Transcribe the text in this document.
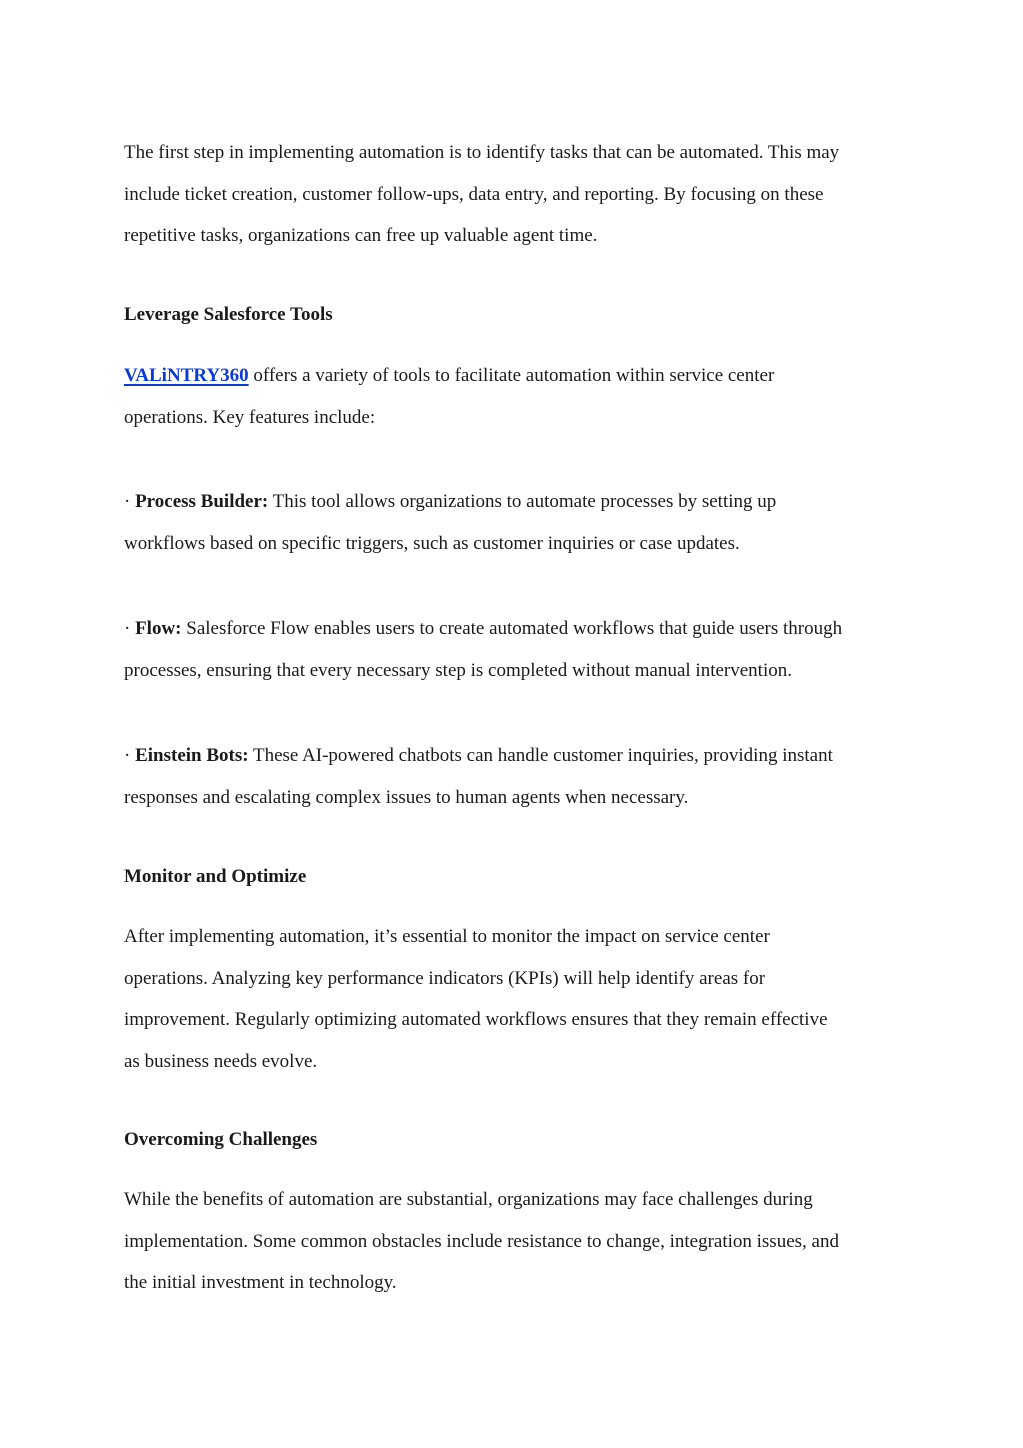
The first step in implementing automation is to identify tasks that can be automated. This may
include ticket creation, customer follow-ups, data entry, and reporting. By focusing on these
repetitive tasks, organizations can free up valuable agent time.

Leverage Salesforce Tools

VALiNTRY360 offers a variety of tools to facilitate automation within service center
operations. Key features include:

· Process Builder: This tool allows organizations to automate processes by setting up
workflows based on specific triggers, such as customer inquiries or case updates.

· Flow: Salesforce Flow enables users to create automated workflows that guide users through
processes, ensuring that every necessary step is completed without manual intervention.

· Einstein Bots: These AI-powered chatbots can handle customer inquiries, providing instant
responses and escalating complex issues to human agents when necessary.

Monitor and Optimize

After implementing automation, it’s essential to monitor the impact on service center
operations. Analyzing key performance indicators (KPIs) will help identify areas for
improvement. Regularly optimizing automated workflows ensures that they remain effective
as business needs evolve.

Overcoming Challenges

While the benefits of automation are substantial, organizations may face challenges during
implementation. Some common obstacles include resistance to change, integration issues, and
the initial investment in technology.
